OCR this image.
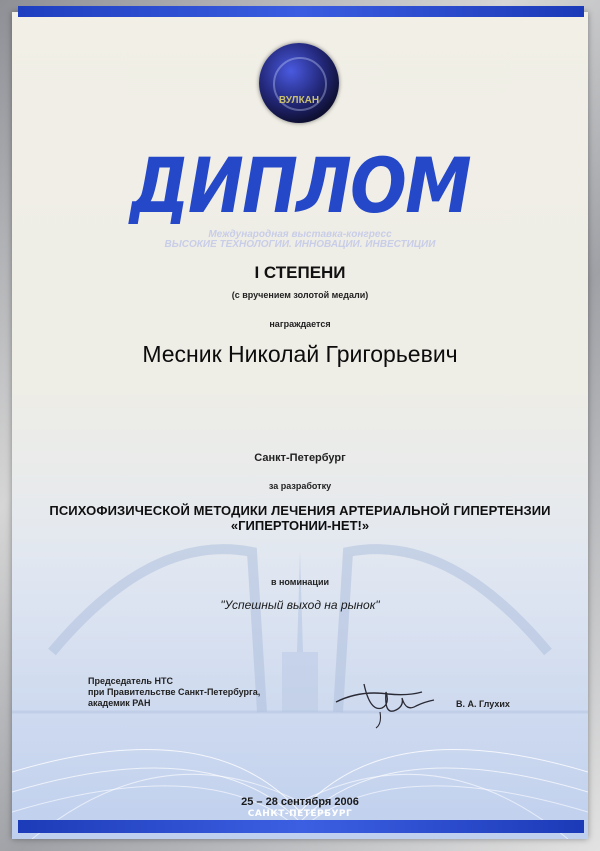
ВУЛКАН
ДИПЛОМ
Международная выставка-конгресс
ВЫСОКИЕ ТЕХНОЛОГИИ. ИННОВАЦИИ. ИНВЕСТИЦИИ
I СТЕПЕНИ
(с вручением золотой медали)
награждается
Месник Николай Григорьевич
Санкт-Петербург
за разработку
ПСИХОФИЗИЧЕСКОЙ МЕТОДИКИ ЛЕЧЕНИЯ АРТЕРИАЛЬНОЙ ГИПЕРТЕНЗИИ
«ГИПЕРТОНИИ-НЕТ!»
в номинации
"Успешный выход на рынок"
Председатель НТС
при Правительстве Санкт-Петербурга,
академик РАН	В. А. Глухих
25 – 28 сентября 2006
САНКТ-ПЕТЕРБУРГ
